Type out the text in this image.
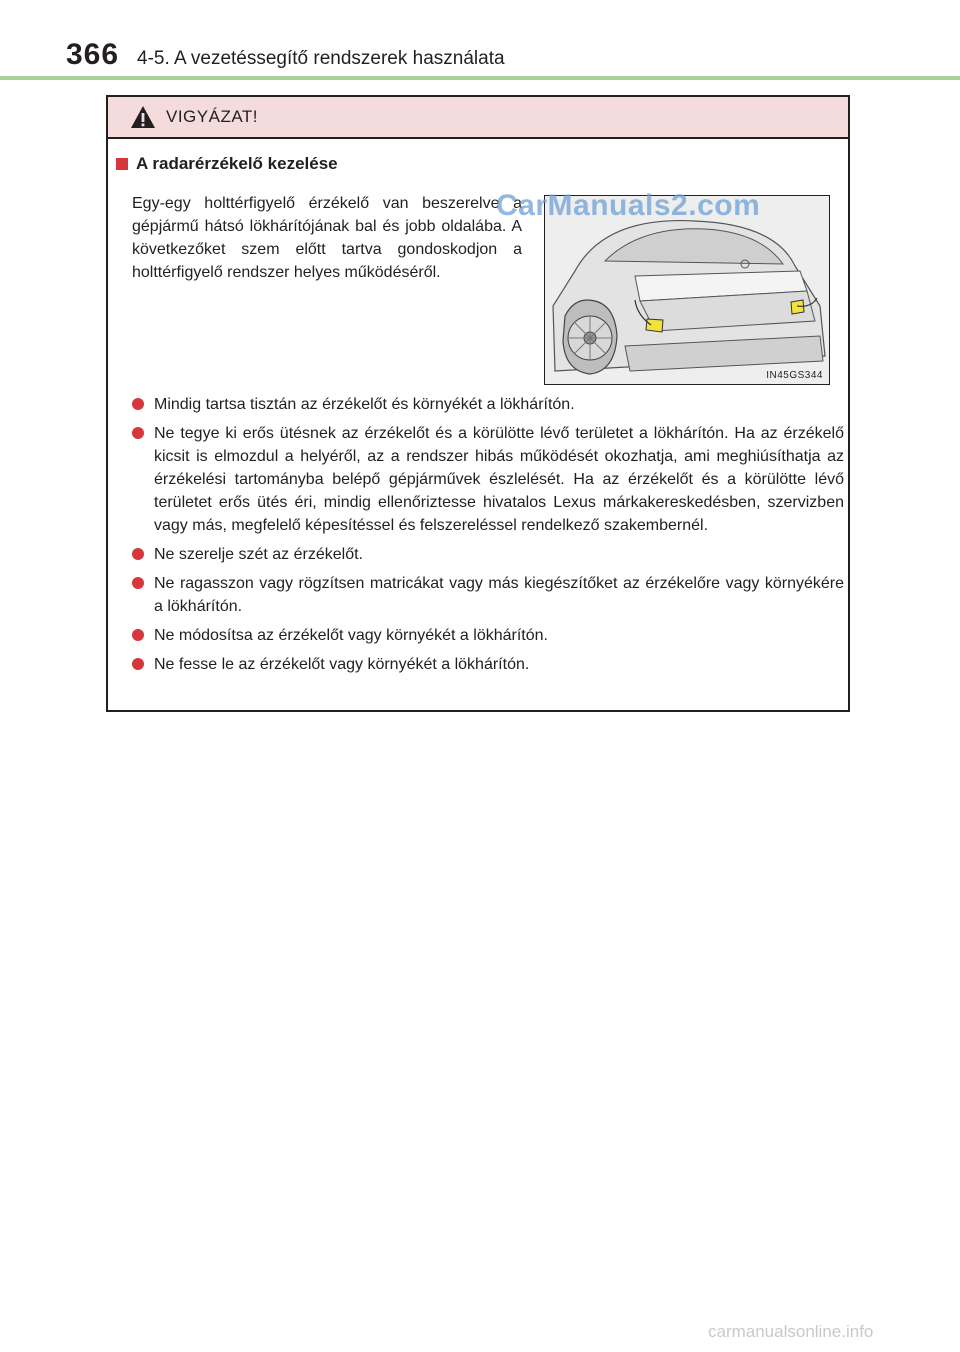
366 4-5. A vezetéssegítő rendszerek használata
VIGYÁZAT!
A radarérzékelő kezelése
Egy-egy holttérfigyelő érzékelő van beszerelve a gépjármű hátsó lökhárítójának bal és jobb oldalába. A következőket szem előtt tartva gondoskodjon a holttérfigyelő rendszer helyes működéséről.
IN45GS344
CarManuals2.com
Mindig tartsa tisztán az érzékelőt és környékét a lökhárítón.
Ne tegye ki erős ütésnek az érzékelőt és a körülötte lévő területet a lökhárítón. Ha az érzékelő kicsit is elmozdul a helyéről, az a rendszer hibás működését okozhatja, ami meghiúsíthatja az érzékelési tartományba belépő gépjárművek észlelését. Ha az érzékelőt és a körülötte lévő területet erős ütés éri, mindig ellenőriztesse hivatalos Lexus márkakereskedésben, szervizben vagy más, megfelelő képesítéssel és felszereléssel rendelkező szakembernél.
Ne szerelje szét az érzékelőt.
Ne ragasszon vagy rögzítsen matricákat vagy más kiegészítőket az érzékelőre vagy környékére a lökhárítón.
Ne módosítsa az érzékelőt vagy környékét a lökhárítón.
Ne fesse le az érzékelőt vagy környékét a lökhárítón.
carmanualsonline.info
